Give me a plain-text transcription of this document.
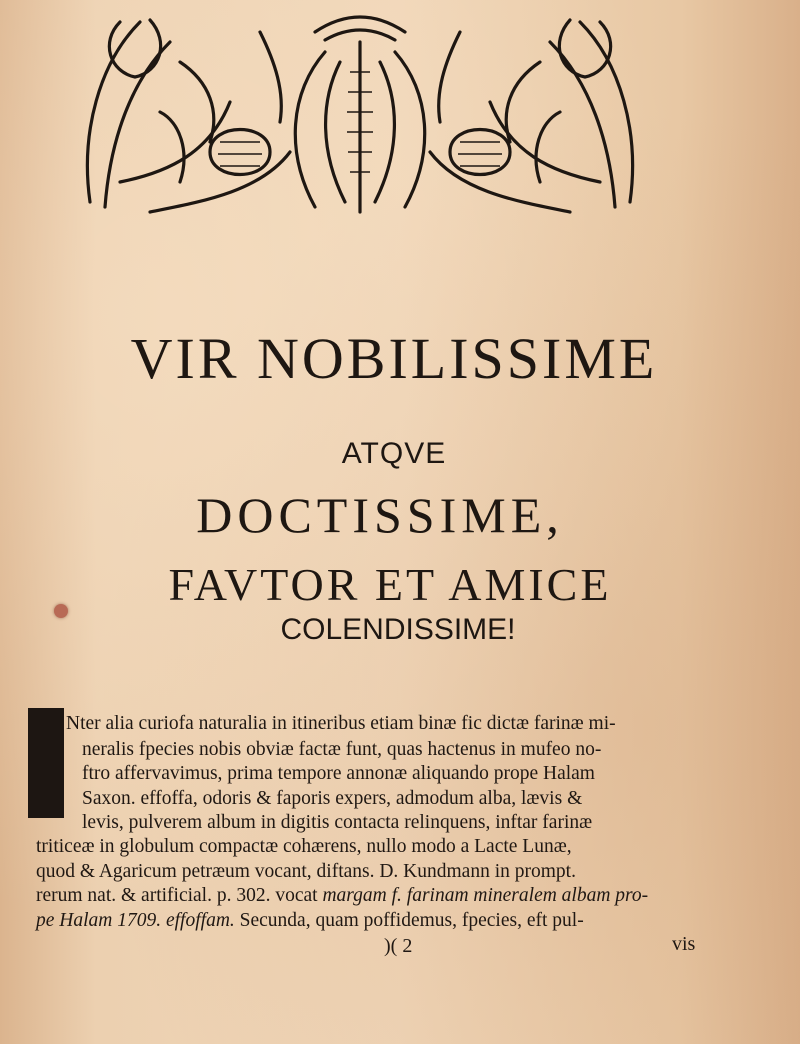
VIR NOBILISSIME
ATQVE
DOCTISSIME,
FAVTOR ET AMICE
COLENDISSIME!
Nter alia curiofa naturalia in itineribus etiam binæ fic dictæ farinæ mi-
neralis fpecies nobis obviæ factæ funt, quas hactenus in mufeo no-
ftro affervavimus, prima tempore annonæ aliquando prope Halam
Saxon. effoffa, odoris & faporis expers, admodum alba, lævis &
levis, pulverem album in digitis contacta relinquens, inftar farinæ
triticeæ in globulum compactæ cohærens, nullo modo a Lacte Lunæ,
quod & Agaricum petræum vocant, diftans. D. Kundmann in prompt.
rerum nat. & artificial. p. 302. vocat margam f. farinam mineralem albam pro-
pe Halam 1709. effoffam. Secunda, quam poffidemus, fpecies, eft pul-
)( 2	vis
